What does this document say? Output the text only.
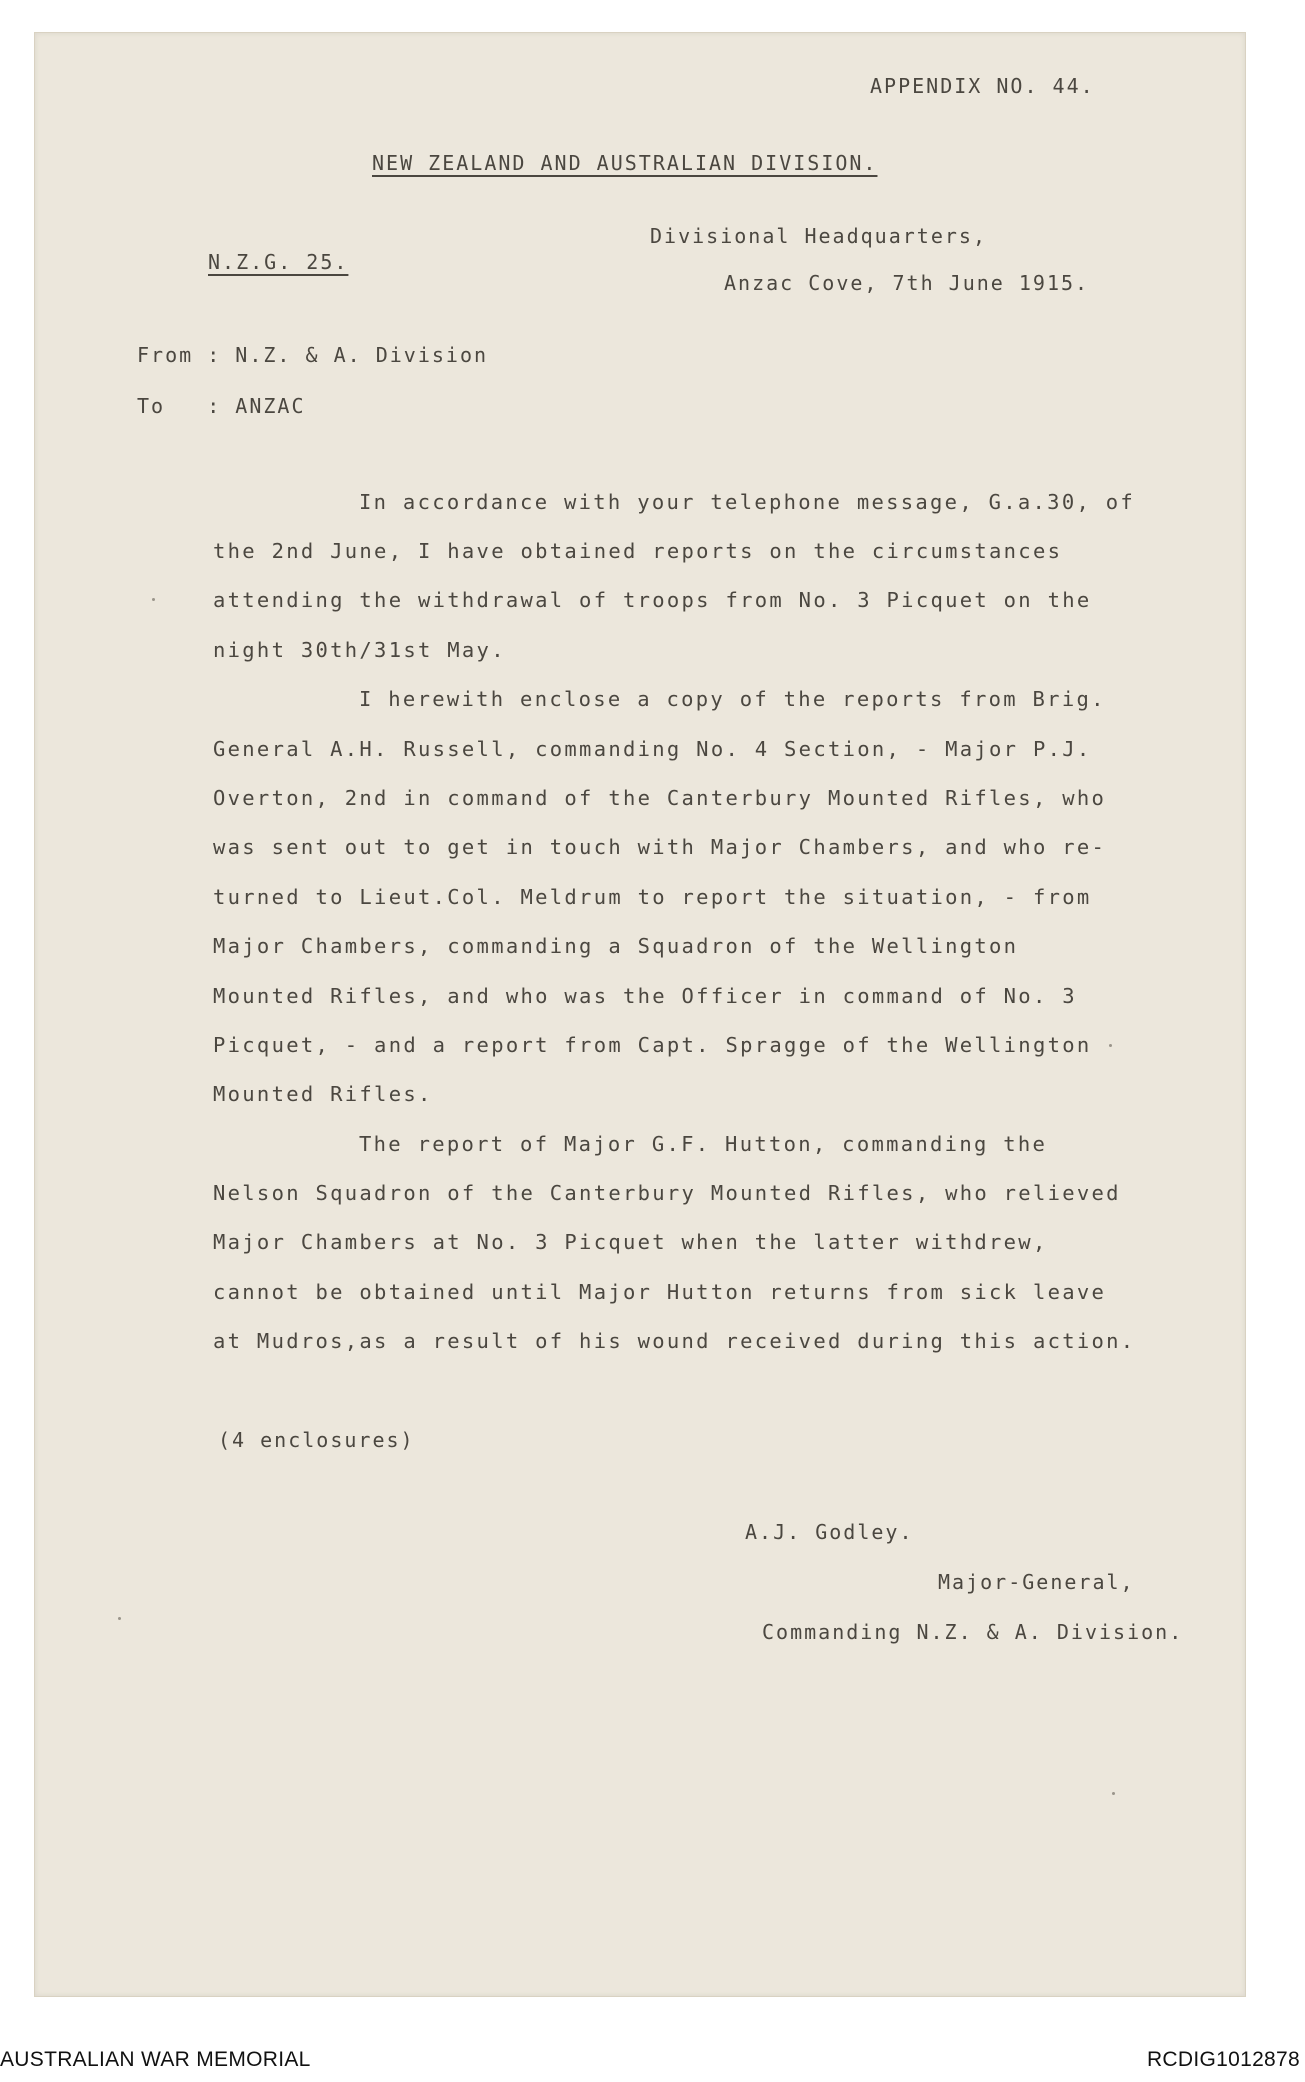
APPENDIX NO. 44.
NEW ZEALAND AND AUSTRALIAN DIVISION.
Divisional Headquarters,
N.Z.G. 25.
Anzac Cove, 7th June 1915.
From : N.Z. & A. Division
To   : ANZAC
In accordance with your telephone message, G.a.30, of
the 2nd June, I have obtained reports on the circumstances
attending the withdrawal of troops from No. 3 Picquet on the
night 30th/31st May.
I herewith enclose a copy of the reports from Brig.
General A.H. Russell, commanding No. 4 Section, - Major P.J.
Overton, 2nd in command of the Canterbury Mounted Rifles, who
was sent out to get in touch with Major Chambers, and who re-
turned to Lieut.Col. Meldrum to report the situation, - from
Major Chambers, commanding a Squadron of the Wellington
Mounted Rifles, and who was the Officer in command of No. 3
Picquet, - and a report from Capt. Spragge of the Wellington
Mounted Rifles.
The report of Major G.F. Hutton, commanding the
Nelson Squadron of the Canterbury Mounted Rifles, who relieved
Major Chambers at No. 3 Picquet when the latter withdrew,
cannot be obtained until Major Hutton returns from sick leave
at Mudros,as a result of his wound received during this action.
(4 enclosures)
A.J. Godley.
Major-General,
Commanding N.Z. & A. Division.
AUSTRALIAN WAR MEMORIAL	RCDIG1012878
